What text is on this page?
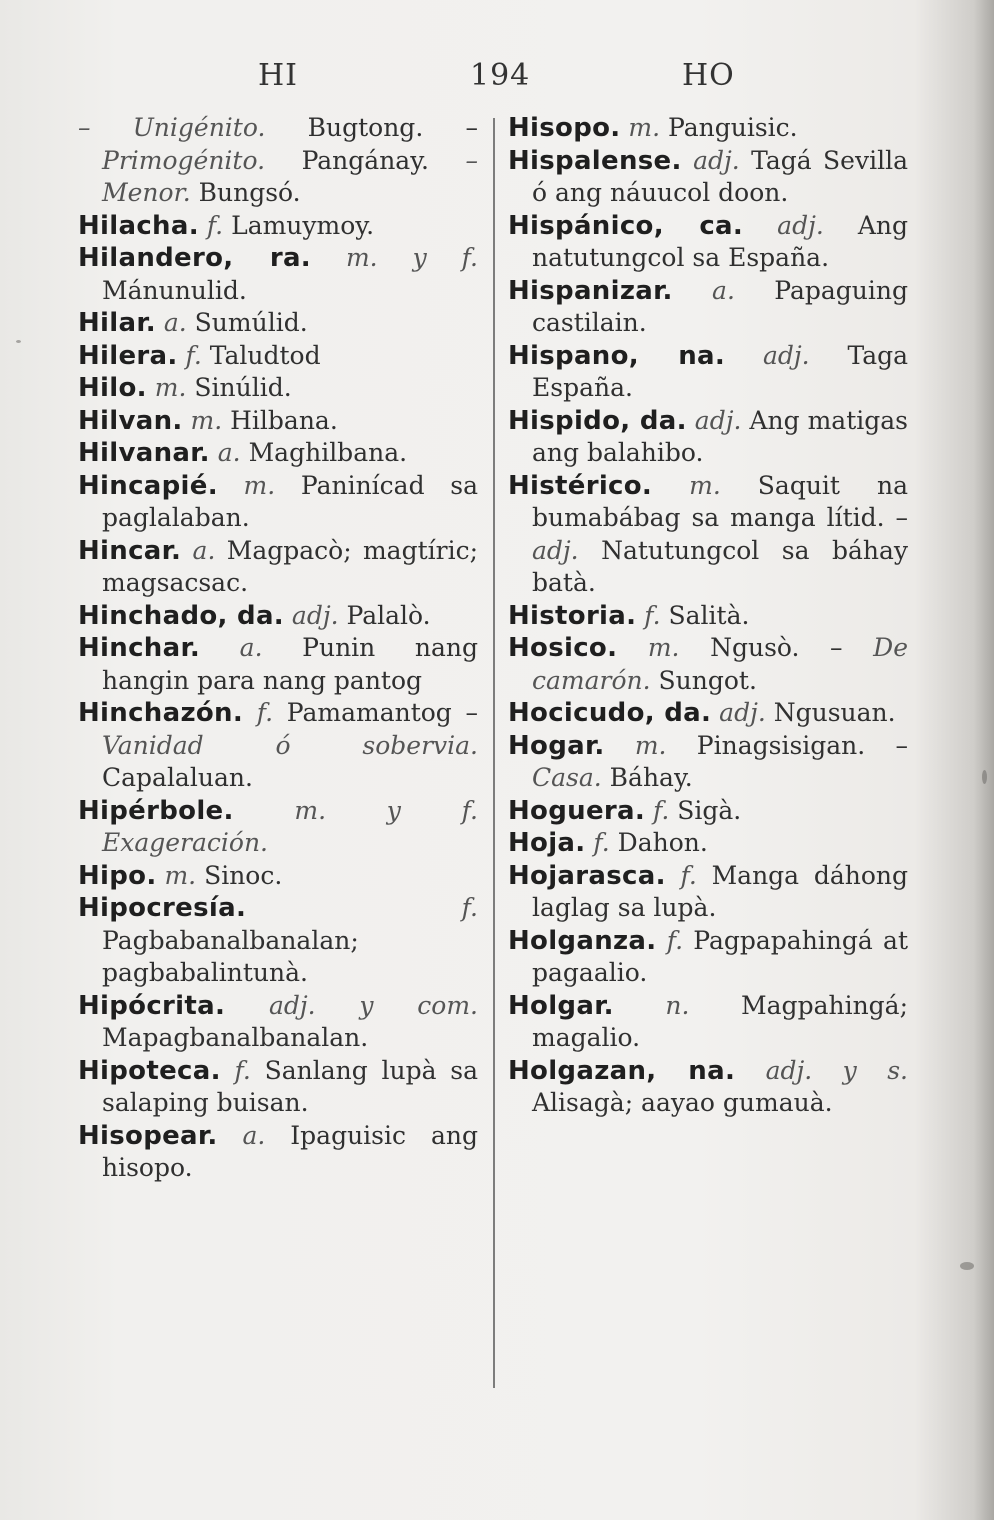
HI	194	HO

– Unigénito. Bugtong. – Primogénito. Pangánay. –Menor. Bungsó.

Hilacha. f. Lamuymoy.

Hilandero, ra. m. y f. Mánunulid.

Hilar. a. Sumúlid.

Hilera. f. Taludtod

Hilo. m. Sinúlid.

Hilvan. m. Hilbana.

Hilvanar. a. Maghilbana.

Hincapié. m. Paninícad sa paglalaban.

Hincar. a. Magpacò; magtíric; magsacsac.

Hinchado, da. adj. Palalò.

Hinchar. a. Punin nang hangin para nang pantog

Hinchazón. f. Pamamantog – Vanidad ó sobervia. Capalaluan.

Hipérbole. m. y f. Exageración.

Hipo. m. Sinoc.

Hipocresía. f. Pagbabanalbanalan; pagbabalintunà.

Hipócrita. adj. y com. Mapagbanalbanalan.

Hipoteca. f. Sanlang lupà sa salaping buisan.

Hisopear. a. Ipaguisic ang hisopo.

Hisopo. m. Panguisic.

Hispalense. adj. Tagá Sevilla ó ang náuucol doon.

Hispánico, ca. adj. Ang natutungcol sa España.

Hispanizar. a. Papaguing castilain.

Hispano, na. adj. Taga España.

Hispido, da. adj. Ang matigas ang balahibo.

Histérico. m. Saquit na bumabábag sa manga lítid. – adj. Natutungcol sa báhay batà.

Historia. f. Salità.

Hosico. m. Ngusò. – De camarón. Sungot.

Hocicudo, da. adj. Ngusuan.

Hogar. m. Pinagsisigan. – Casa. Báhay.

Hoguera. f. Sigà.

Hoja. f. Dahon.

Hojarasca. f. Manga dáhong laglag sa lupà.

Holganza. f. Pagpapahingá at pagaalio.

Holgar. n. Magpahingá; magalio.

Holgazan, na. adj. y s. Alisagà; aayao gumauà.
